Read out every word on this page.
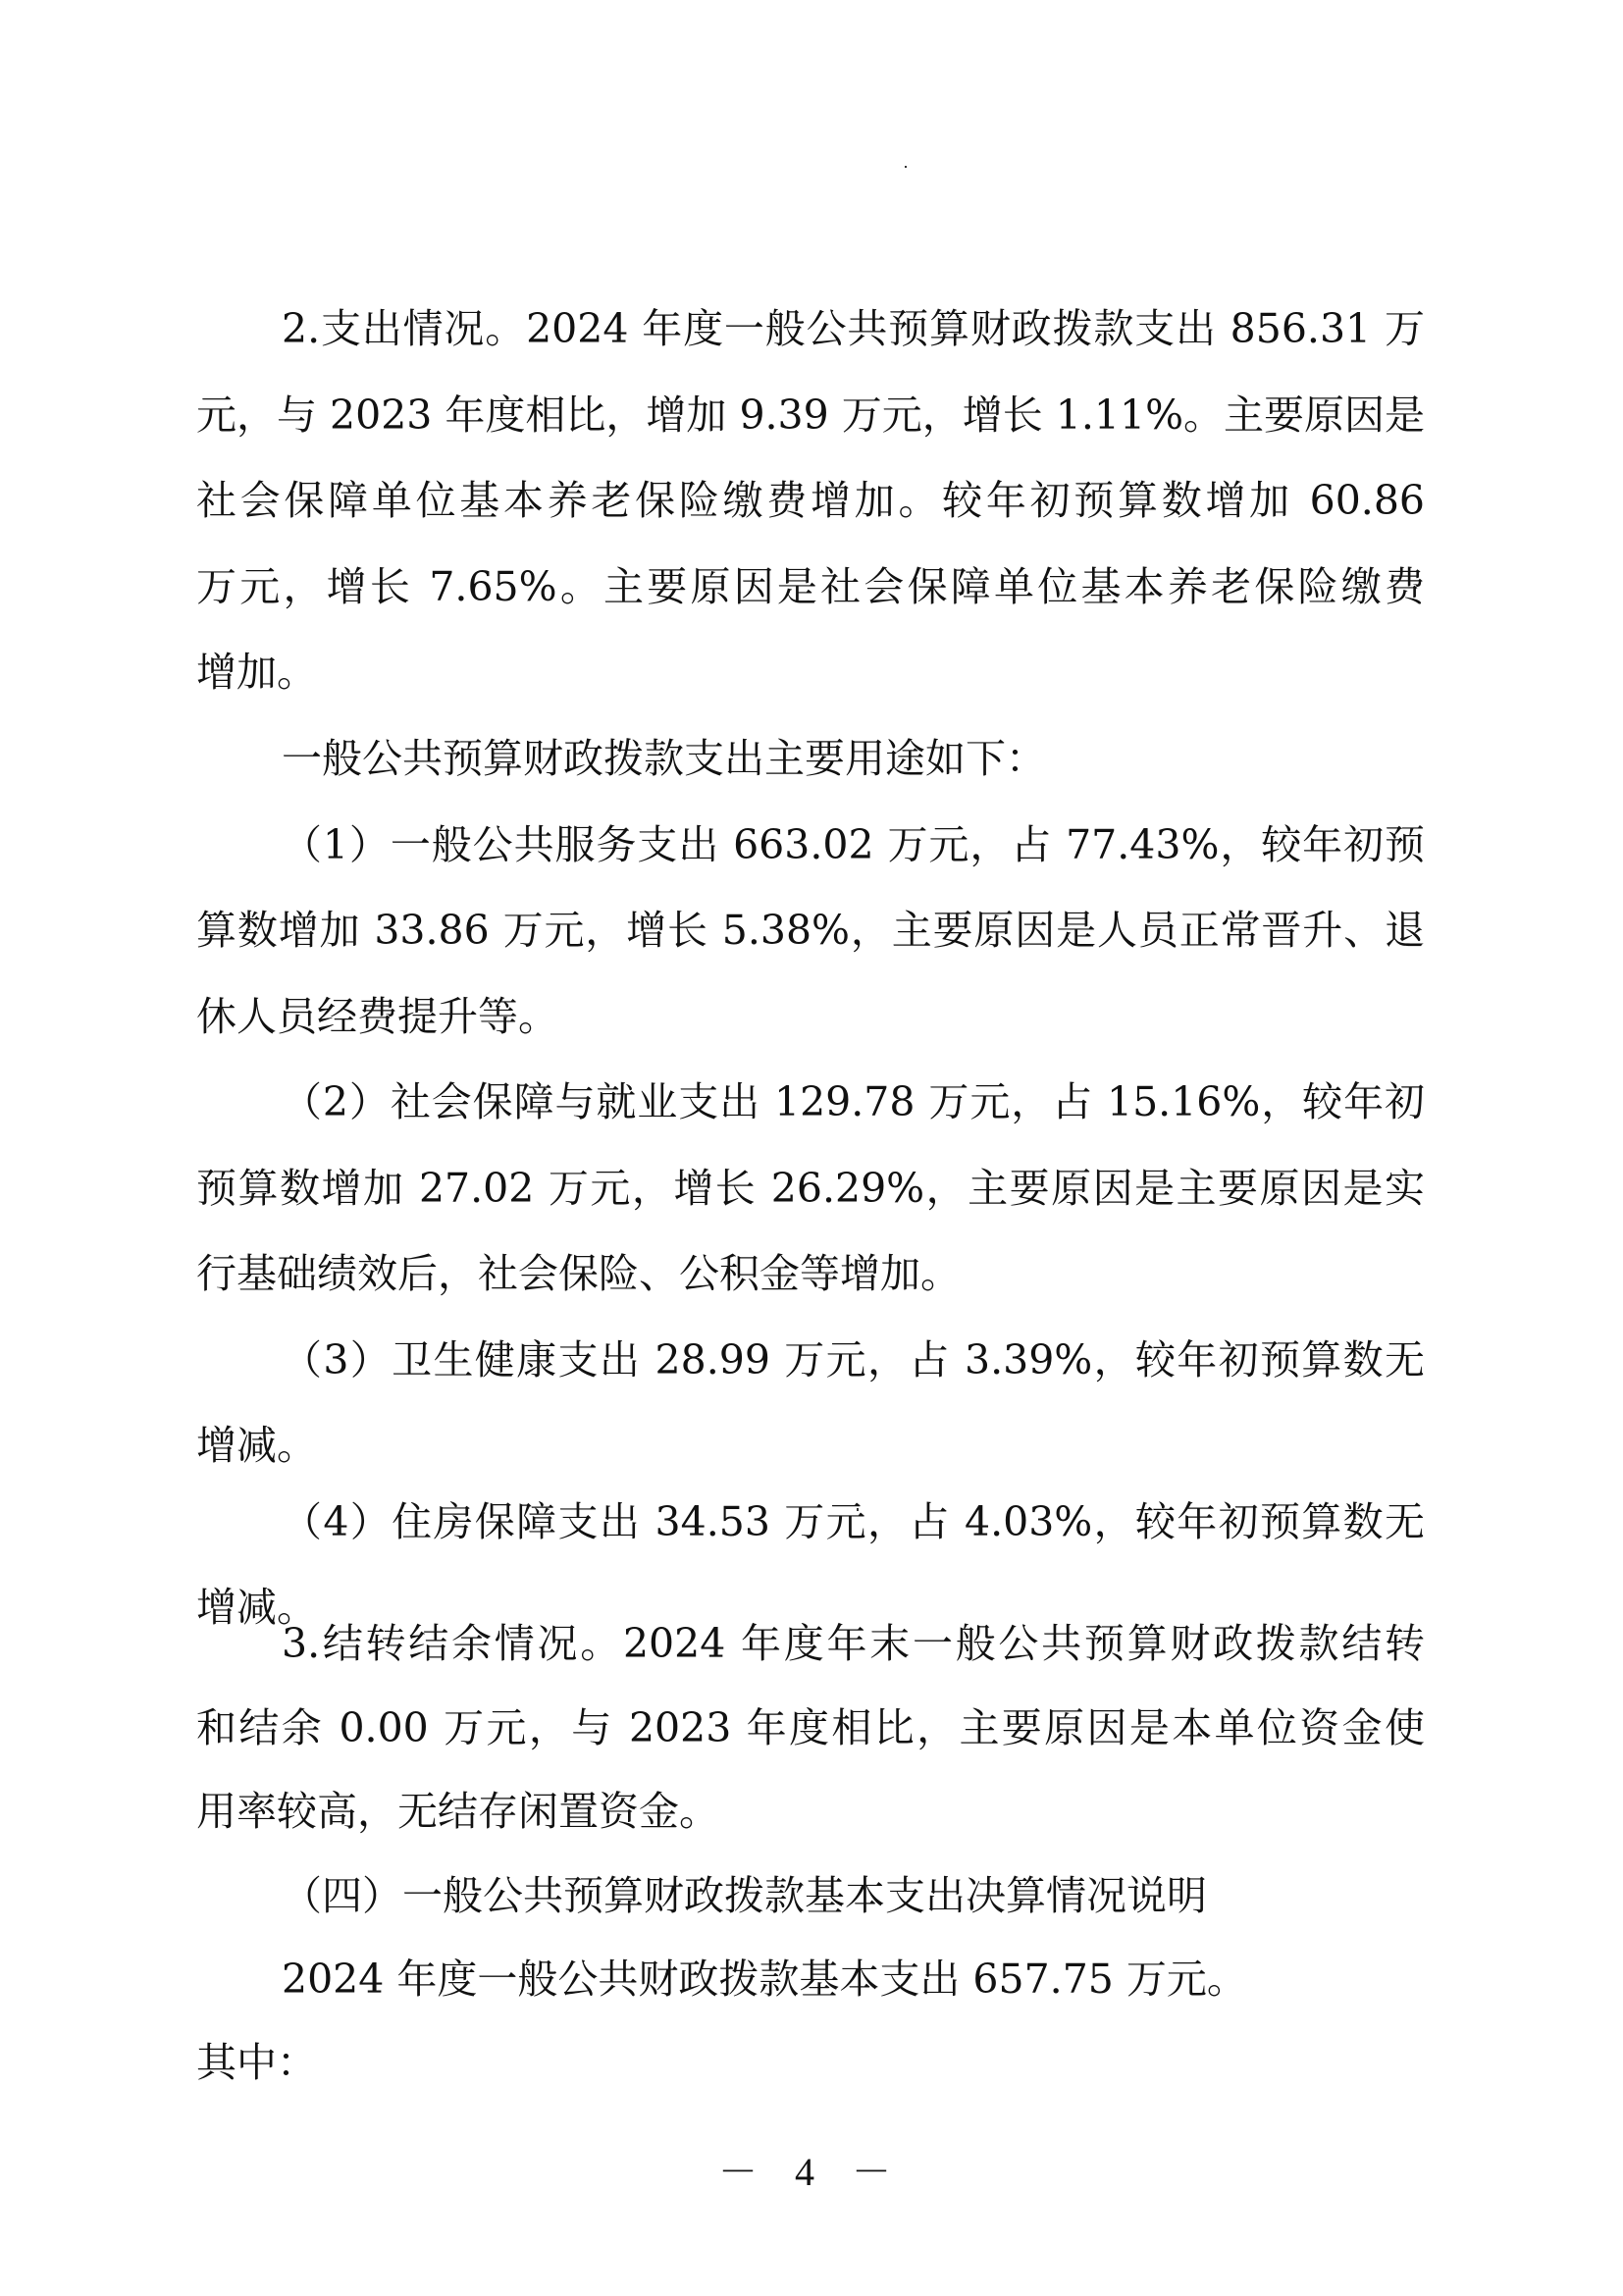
2.支出情况。2024 年度一般公共预算财政拨款支出 856.31 万
元，与 2023 年度相比，增加 9.39 万元，增长 1.11%。主要原因是
社会保障单位基本养老保险缴费增加。较年初预算数增加 60.86
万元，增长 7.65%。主要原因是社会保障单位基本养老保险缴费
增加。
一般公共预算财政拨款支出主要用途如下：
（1）一般公共服务支出 663.02 万元，占 77.43%，较年初预
算数增加 33.86 万元，增长 5.38%，主要原因是人员正常晋升、退
休人员经费提升等。
（2）社会保障与就业支出 129.78 万元，占 15.16%，较年初
预算数增加 27.02 万元，增长 26.29%，主要原因是主要原因是实
行基础绩效后，社会保险、公积金等增加。
（3）卫生健康支出 28.99 万元，占 3.39%，较年初预算数无
增减。
（4）住房保障支出 34.53 万元，占 4.03%，较年初预算数无
增减。
3.结转结余情况。2024 年度年末一般公共预算财政拨款结转
和结余 0.00 万元，与 2023 年度相比，主要原因是本单位资金使
用率较高，无结存闲置资金。
（四）一般公共预算财政拨款基本支出决算情况说明
2024 年度一般公共财政拨款基本支出 657.75 万元。
其中：
－ 4 －
